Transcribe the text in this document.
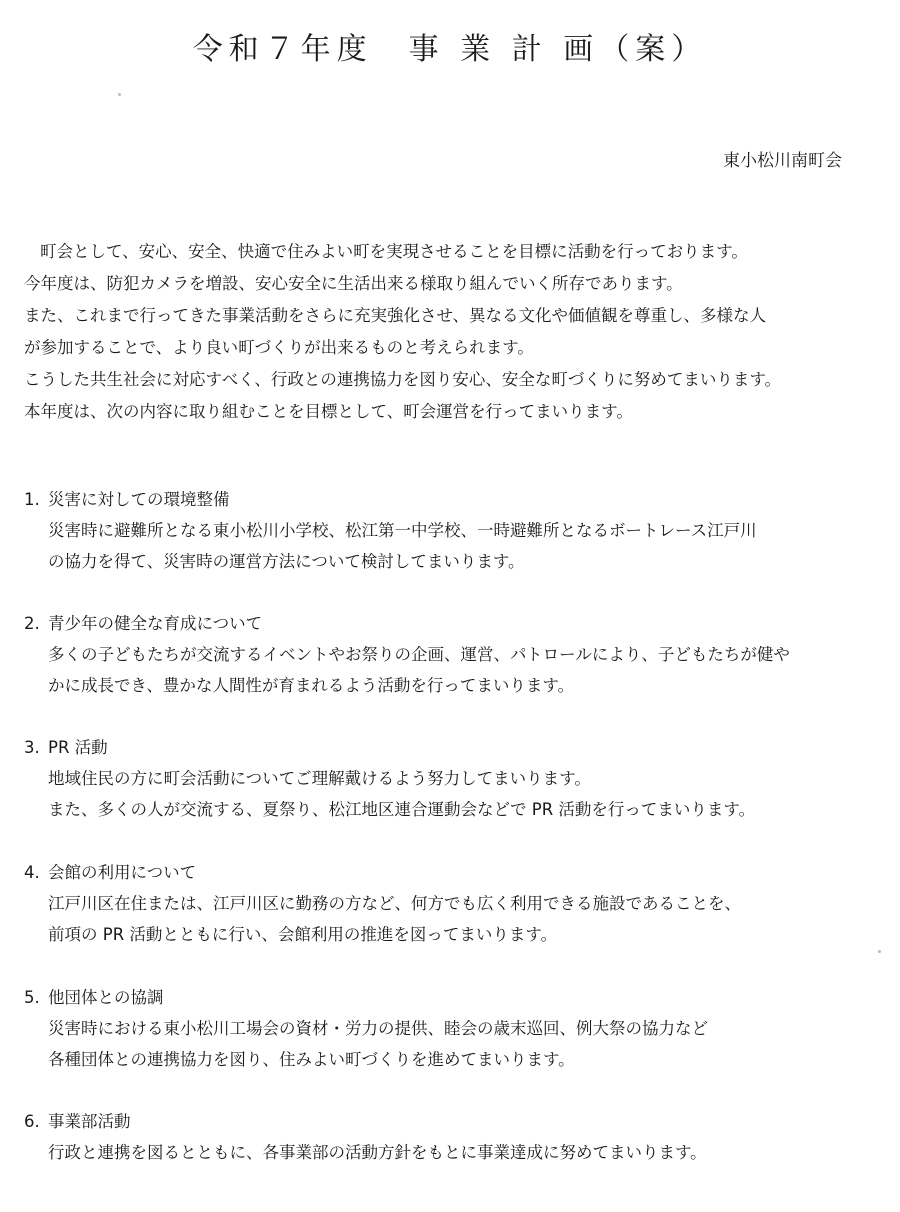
令和７年度　事 業 計 画（案）
東小松川南町会
町会として、安心、安全、快適で住みよい町を実現させることを目標に活動を行っております。
今年度は、防犯カメラを増設、安心安全に生活出来る様取り組んでいく所存であります。
また、これまで行ってきた事業活動をさらに充実強化させ、異なる文化や価値観を尊重し、多様な人
が参加することで、より良い町づくりが出来るものと考えられます。
こうした共生社会に対応すべく、行政との連携協力を図り安心、安全な町づくりに努めてまいります。
本年度は、次の内容に取り組むことを目標として、町会運営を行ってまいります。
1. 災害に対しての環境整備
災害時に避難所となる東小松川小学校、松江第一中学校、一時避難所となるボートレース江戸川
の協力を得て、災害時の運営方法について検討してまいります。
2. 青少年の健全な育成について
多くの子どもたちが交流するイベントやお祭りの企画、運営、パトロールにより、子どもたちが健や
かに成長でき、豊かな人間性が育まれるよう活動を行ってまいります。
3. PR 活動
地域住民の方に町会活動についてご理解戴けるよう努力してまいります。
また、多くの人が交流する、夏祭り、松江地区連合運動会などで PR 活動を行ってまいります。
4. 会館の利用について
江戸川区在住または、江戸川区に勤務の方など、何方でも広く利用できる施設であることを、
前項の PR 活動とともに行い、会館利用の推進を図ってまいります。
5. 他団体との協調
災害時における東小松川工場会の資材・労力の提供、睦会の歳末巡回、例大祭の協力など
各種団体との連携協力を図り、住みよい町づくりを進めてまいります。
6. 事業部活動
行政と連携を図るとともに、各事業部の活動方針をもとに事業達成に努めてまいります。
